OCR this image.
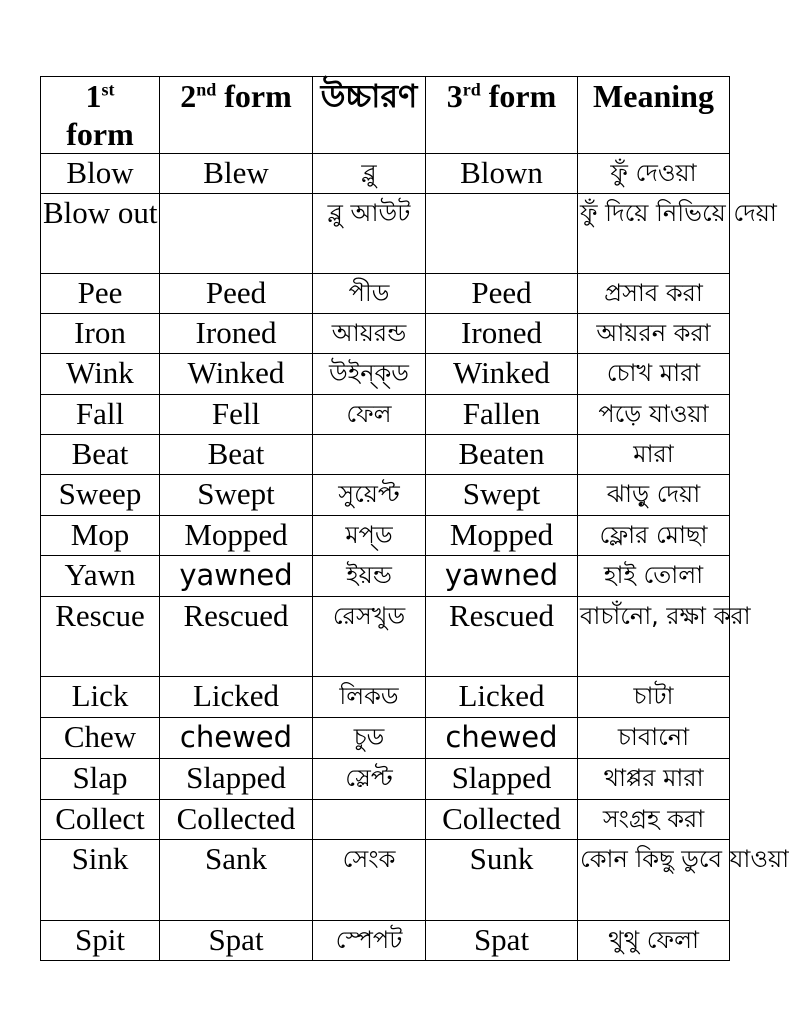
1st
form	2nd form	উচ্চারণ	3rd form	Meaning
Blow	Blew	ব্লু	Blown	ফুঁ দেওয়া
Blow out		ব্লু আউট		ফুঁ দিয়ে নিভিয়ে দেয়া
Pee	Peed	পীড	Peed	প্রসাব করা
Iron	Ironed	আয়রন্ড	Ironed	আয়রন করা
Wink	Winked	উইন্‌ক্‌ড	Winked	চোখ মারা
Fall	Fell	ফেল	Fallen	পড়ে যাওয়া
Beat	Beat		Beaten	মারা
Sweep	Swept	সুয়েপ্ট	Swept	ঝাড়ু দেয়া
Mop	Mopped	মপ্‌ড	Mopped	ফ্লোর মোছা
Yawn	yawned	ইয়ন্ড	yawned	হাই তোলা
Rescue	Rescued	রেসখুড	Rescued	বাচাঁনো, রক্ষা করা
Lick	Licked	লিকড	Licked	চাটা
Chew	chewed	চুড	chewed	চাবানো
Slap	Slapped	স্লেপ্ট	Slapped	থাপ্পর মারা
Collect	Collected		Collected	সংগ্রহ করা
Sink	Sank	সেংক	Sunk	কোন কিছু ডুবে যাওয়া
Spit	Spat	স্পেপট	Spat	থুথু ফেলা
